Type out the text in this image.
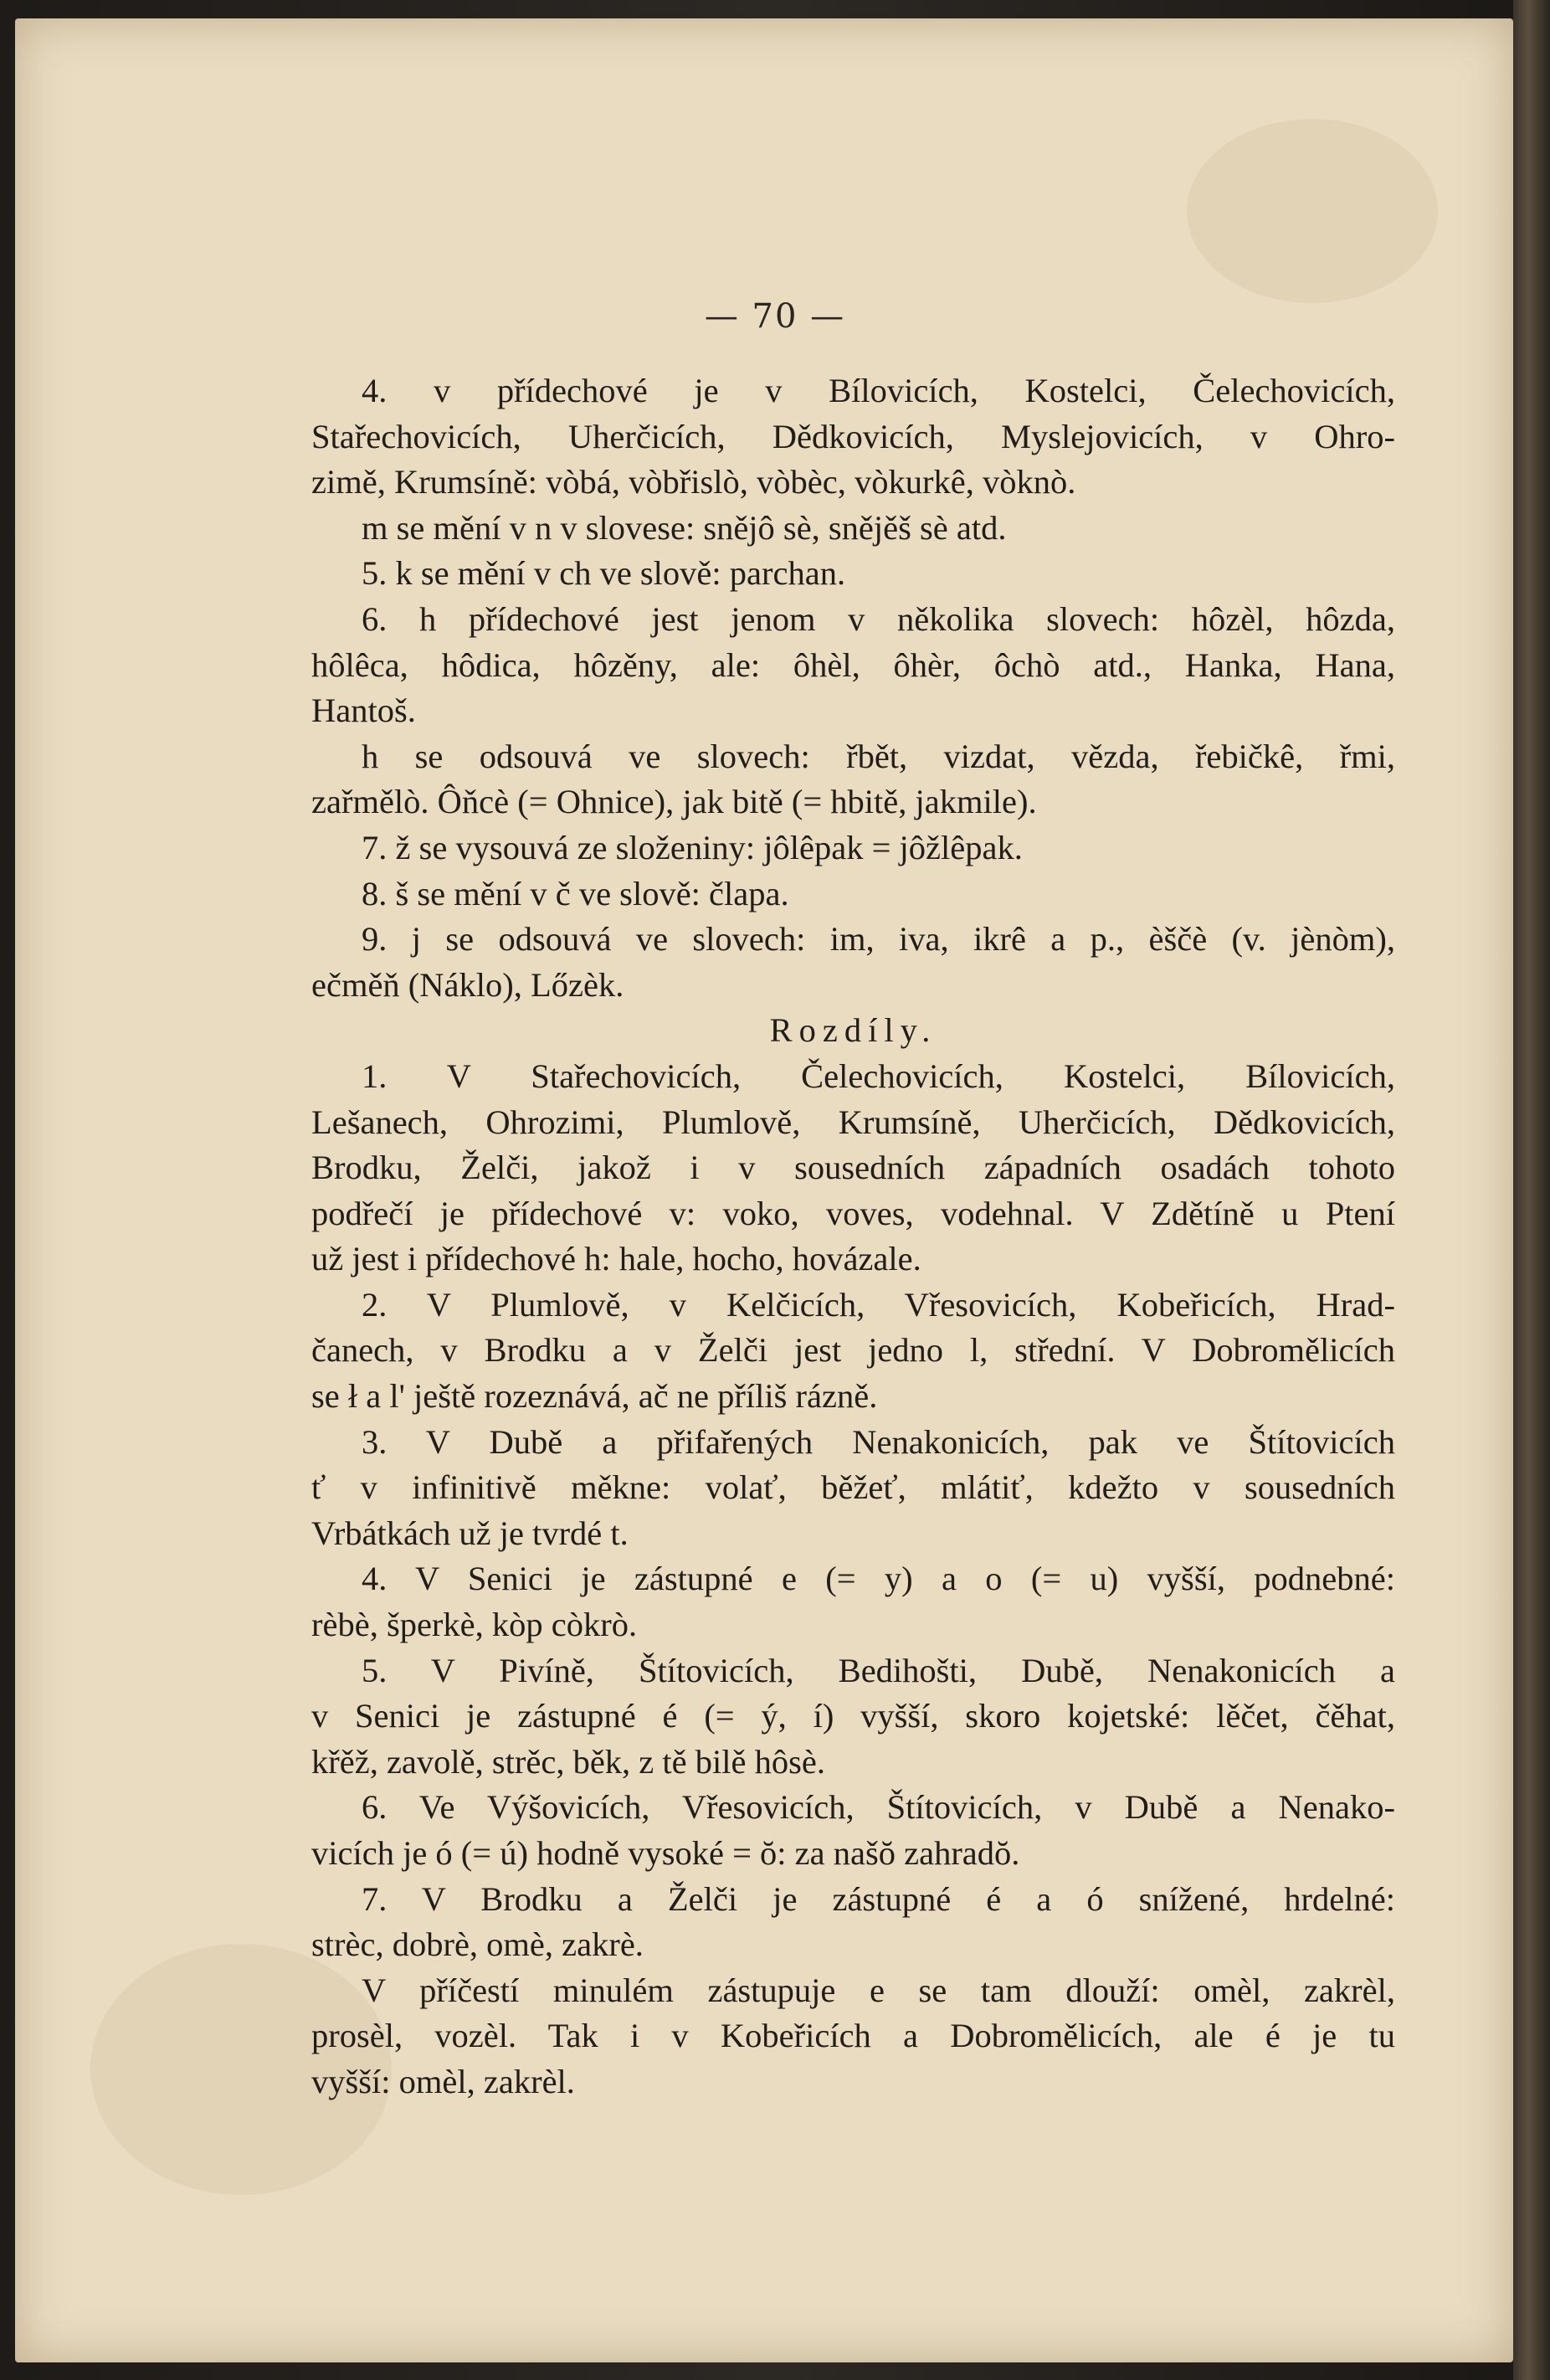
— 70 —
4. v přídechové je v Bílovicích, Kostelci, Čelechovicích,
Stařechovicích, Uherčicích, Dědkovicích, Myslejovicích, v Ohro-
zimě, Krumsíně: vòbá, vòbřislò, vòbèc, vòkurkê, vòknò.
m se mění v n v slovese: snějô sè, snějěš sè atd.
5. k se mění v ch ve slově: parchan.
6. h přídechové jest jenom v několika slovech: hôzèl, hôzda,
hôlêca, hôdica, hôzěny, ale: ôhèl, ôhèr, ôchò atd., Hanka, Hana,
Hantoš.
h se odsouvá ve slovech: řbět, vizdat, vězda, řebičkê, řmi,
zařmělò. Ôňcè (= Ohnice), jak bitě (= hbitě, jakmile).
7. ž se vysouvá ze složeniny: jôlêpak = jôžlêpak.
8. š se mění v č ve slově: člapa.
9. j se odsouvá ve slovech: im, iva, ikrê a p., èščè (v. jènòm),
ečměň (Náklo), Lőzèk.
Rozdíly.
1. V Stařechovicích, Čelechovicích, Kostelci, Bílovicích,
Lešanech, Ohrozimi, Plumlově, Krumsíně, Uherčicích, Dědkovicích,
Brodku, Želči, jakož i v sousedních západních osadách tohoto
podřečí je přídechové v: voko, voves, vodehnal. V Zdětíně u Ptení
už jest i přídechové h: hale, hocho, hovázale.
2. V Plumlově, v Kelčicích, Vřesovicích, Kobeřicích, Hrad-
čanech, v Brodku a v Želči jest jedno l, střední. V Dobromělicích
se ł a l' ještě rozeznává, ač ne příliš rázně.
3. V Dubě a přifařených Nenakonicích, pak ve Štítovicích
ť v infinitivě měkne: volať, běžeť, mlátiť, kdežto v sousedních
Vrbátkách už je tvrdé t.
4. V Senici je zástupné e (= y) a o (= u) vyšší, podnebné:
rèbè, šperkè, kòp còkrò.
5. V Pivíně, Štítovicích, Bedihošti, Dubě, Nenakonicích a
v Senici je zástupné é (= ý, í) vyšší, skoro kojetské: lěčet, čěhat,
křěž, zavolě, strěc, běk, z tě bilě hôsè.
6. Ve Výšovicích, Vřesovicích, Štítovicích, v Dubě a Nenako-
vicích je ó (= ú) hodně vysoké = ŏ: za našŏ zahradŏ.
7. V Brodku a Želči je zástupné é a ó snížené, hrdelné:
strèc, dobrè, omè, zakrè.
V příčestí minulém zástupuje e se tam dlouží: omèl, zakrèl,
prosèl, vozèl. Tak i v Kobeřicích a Dobromělicích, ale é je tu
vyšší: omèl, zakrèl.
